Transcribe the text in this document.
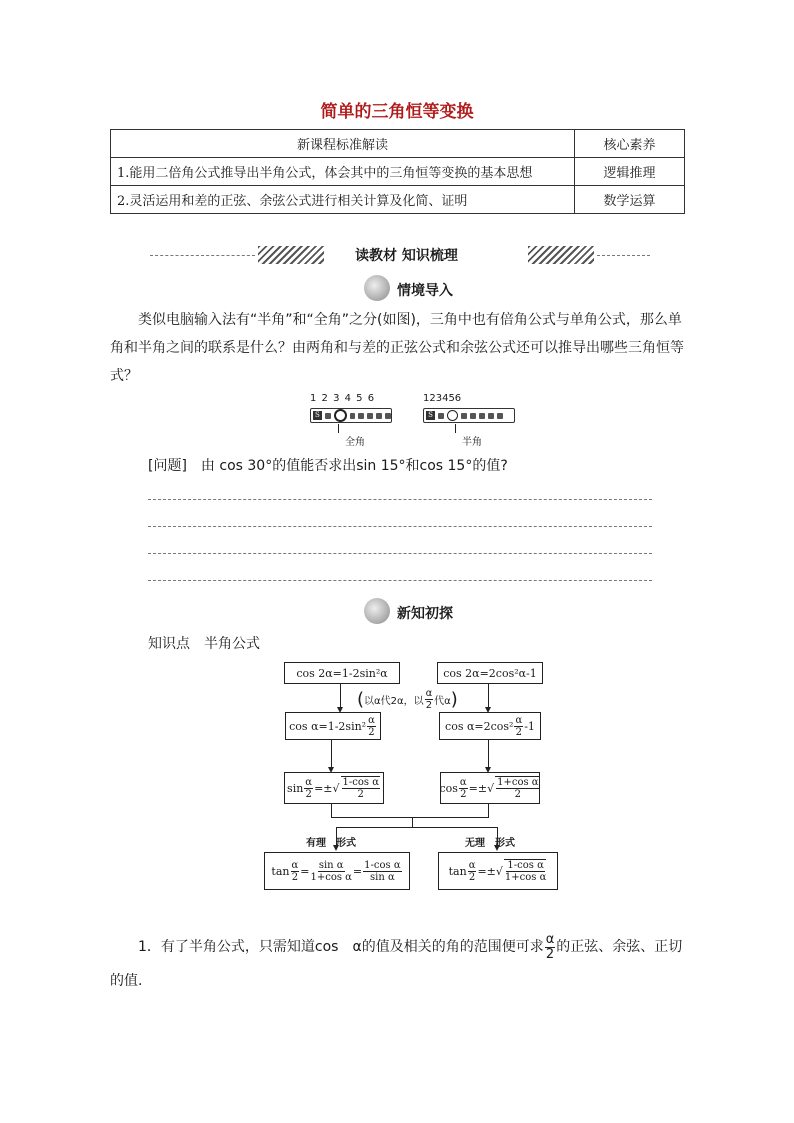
简单的三角恒等变换
新课程标准解读	核心素养
1.能用二倍角公式推导出半角公式，体会其中的三角恒等变换的基本思想	逻辑推理
2.灵活运用和差的正弦、余弦公式进行相关计算及化简、证明	数学运算
读教材 知识梳理
情境导入
类似电脑输入法有“半角”和“全角”之分(如图)，三角中也有倍角公式与单角公式，那么单角和半角之间的联系是什么？由两角和与差的正弦公式和余弦公式还可以推导出哪些三角恒等式？
1 2 3 4 5 6
S
全角
123456
S
半角
[问题]　由 cos 30°的值能否求出sin 15°和cos 15°的值?
新知初探
知识点　半角公式
cos 2α=1-2sin²α	cos 2α=2cos²α-1
( 以α代2α，以 $\frac{\alpha}{2}$ 代α )
$\cos \alpha=1-2\sin^2 \frac{\alpha}{2}$	$\cos \alpha=2\cos^2 \frac{\alpha}{2} -1$
$\sin \frac{\alpha}{2}$ =± √ $\frac{\text{1-cos α}}{2}$	$\cos \frac{\alpha}{2}$ =± √ $\frac{\text{1+cos α}}{2}$
有理　形式	无理　形式
$\tan \frac{\alpha}{2} = \frac{\text{sin α}}{\text{1+cos α}} = \frac{\text{1-cos α}}{\text{sin α}}$	$\tan \frac{\alpha}{2}$ =± √ $\frac{\text{1-cos α}}{\text{1+cos α}}$
1．有了半角公式，只需知道cos　α的值及相关的角的范围便可求 $\frac{\alpha}{2}$ 的正弦、余弦、正切的值.
